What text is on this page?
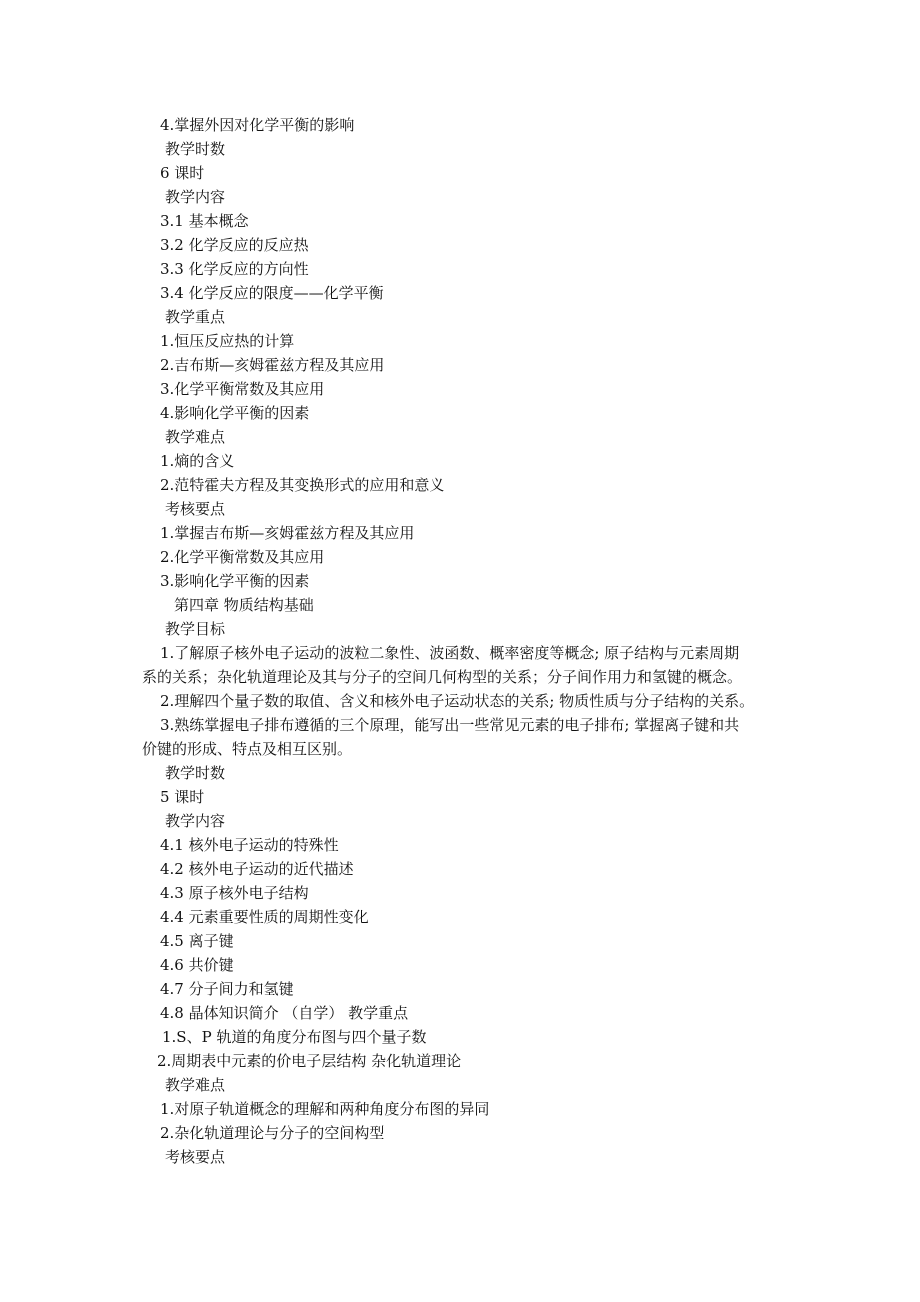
4.掌握外因对化学平衡的影响
教学时数
6 课时
教学内容
3.1 基本概念
3.2 化学反应的反应热
3.3 化学反应的方向性
3.4 化学反应的限度——化学平衡
教学重点
1.恒压反应热的计算
2.吉布斯—亥姆霍兹方程及其应用
3.化学平衡常数及其应用
4.影响化学平衡的因素
教学难点
1.熵的含义
2.范特霍夫方程及其变换形式的应用和意义
考核要点
1.掌握吉布斯—亥姆霍兹方程及其应用
2.化学平衡常数及其应用
3.影响化学平衡的因素
第四章 物质结构基础
教学目标
1.了解原子核外电子运动的波粒二象性、波函数、概率密度等概念; 原子结构与元素周期
系的关系；杂化轨道理论及其与分子的空间几何构型的关系；分子间作用力和氢键的概念。
2.理解四个量子数的取值、含义和核外电子运动状态的关系; 物质性质与分子结构的关系。
3.熟练掌握电子排布遵循的三个原理，能写出一些常见元素的电子排布; 掌握离子键和共
价键的形成、特点及相互区别。
教学时数
5 课时
教学内容
4.1 核外电子运动的特殊性
4.2 核外电子运动的近代描述
4.3 原子核外电子结构
4.4 元素重要性质的周期性变化
4.5 离子键
4.6 共价键
4.7 分子间力和氢键
4.8 晶体知识简介 （自学） 教学重点
1.S、P 轨道的角度分布图与四个量子数
2.周期表中元素的价电子层结构 杂化轨道理论
教学难点
1.对原子轨道概念的理解和两种角度分布图的异同
2.杂化轨道理论与分子的空间构型
考核要点
